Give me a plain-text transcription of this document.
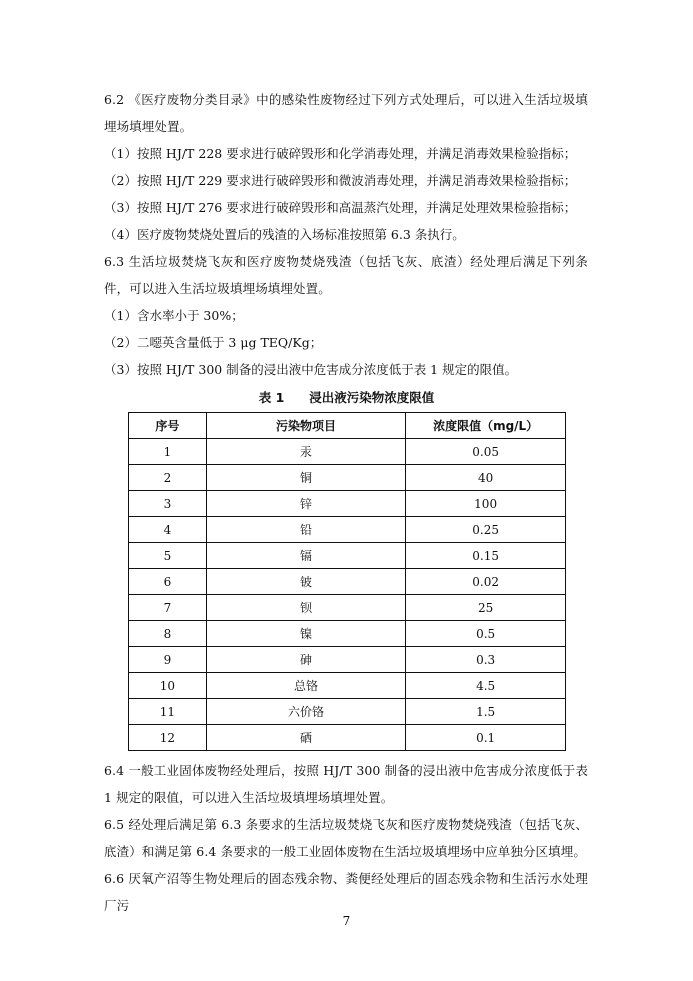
6.2 《医疗废物分类目录》中的感染性废物经过下列方式处理后，可以进入生活垃圾填埋场填埋处置。

（1）按照 HJ/T 228 要求进行破碎毁形和化学消毒处理，并满足消毒效果检验指标；

（2）按照 HJ/T 229 要求进行破碎毁形和微波消毒处理，并满足消毒效果检验指标；

（3）按照 HJ/T 276 要求进行破碎毁形和高温蒸汽处理，并满足处理效果检验指标；

（4）医疗废物焚烧处置后的残渣的入场标准按照第 6.3 条执行。

6.3 生活垃圾焚烧飞灰和医疗废物焚烧残渣（包括飞灰、底渣）经处理后满足下列条件，可以进入生活垃圾填埋场填埋处置。

（1）含水率小于 30%；

（2）二噁英含量低于 3 μg TEQ/Kg；

（3）按照 HJ/T 300 制备的浸出液中危害成分浓度低于表 1 规定的限值。

表 1　　浸出液污染物浓度限值
序号	污染物项目	浓度限值（mg/L）
1	汞	0.05
2	铜	40
3	锌	100
4	铅	0.25
5	镉	0.15
6	铍	0.02
7	钡	25
8	镍	0.5
9	砷	0.3
10	总铬	4.5
11	六价铬	1.5
12	硒	0.1

6.4 一般工业固体废物经处理后，按照 HJ/T 300 制备的浸出液中危害成分浓度低于表 1 规定的限值，可以进入生活垃圾填埋场填埋处置。

6.5 经处理后满足第 6.3 条要求的生活垃圾焚烧飞灰和医疗废物焚烧残渣（包括飞灰、底渣）和满足第 6.4 条要求的一般工业固体废物在生活垃圾填埋场中应单独分区填埋。

6.6 厌氧产沼等生物处理后的固态残余物、粪便经处理后的固态残余物和生活污水处理厂污

7
